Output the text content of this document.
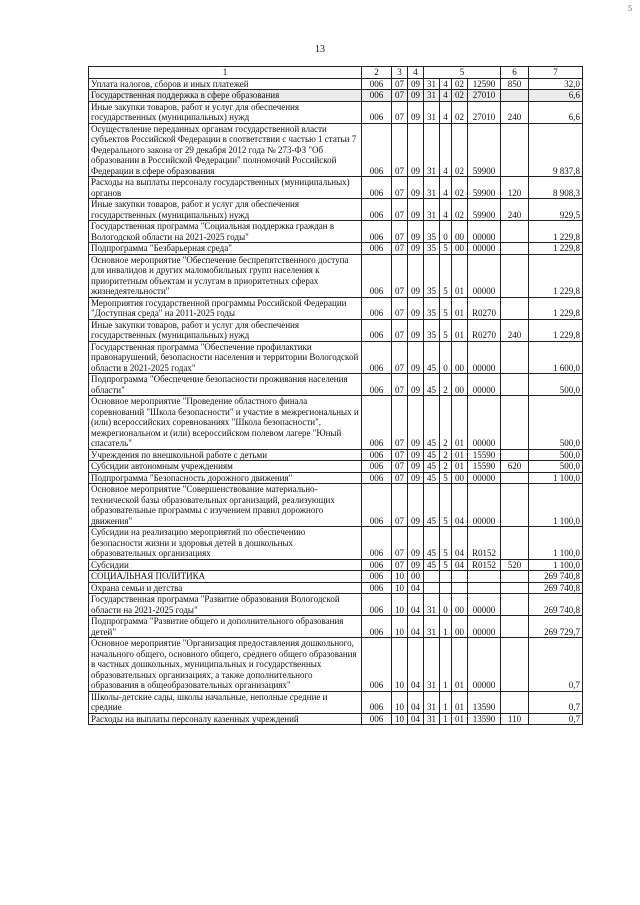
5
13
1	2	3	4	5				6	7
Уплата налогов, сборов и иных платежей	006	07	09	31	4	02	12590	850	32,0
Государственная поддержка в сфере образования	006	07	09	31	4	02	27010		6,6
Иные закупки товаров, работ и услуг для обеспечения государственных (муниципальных) нужд	006	07	09	31	4	02	27010	240	6,6
Осуществление переданных органам государственной власти субъектов Российской Федерации в соответствии с частью 1 статьи 7 Федерального закона от 29 декабря 2012 года № 273-ФЗ "Об образовании в Российской Федерации" полномочий Российской Федерации в сфере образования	006	07	09	31	4	02	59900		9 837,8
Расходы на выплаты персоналу государственных (муниципальных) органов	006	07	09	31	4	02	59900	120	8 908,3
Иные закупки товаров, работ и услуг для обеспечения государственных (муниципальных) нужд	006	07	09	31	4	02	59900	240	929,5
Государственная программа "Социальная поддержка граждан в Вологодской области на 2021-2025 годы"	006	07	09	35	0	00	00000		1 229,8
Подпрограмма "Безбарьерная среда"	006	07	09	35	5	00	00000		1 229,8
Основное мероприятие "Обеспечение беспрепятственного доступа для инвалидов и других маломобильных групп населения к приоритетным объектам и услугам в приоритетных сферах жизнедеятельности"	006	07	09	35	5	01	00000		1 229,8
Мероприятия государственной программы Российской Федерации "Доступная среда" на 2011-2025 годы	006	07	09	35	5	01	R0270		1 229,8
Иные закупки товаров, работ и услуг для обеспечения государственных (муниципальных) нужд	006	07	09	35	5	01	R0270	240	1 229,8
Государственная программа "Обеспечение профилактики правонарушений, безопасности населения и территории Вологодской области в 2021-2025 годах"	006	07	09	45	0	00	00000		1 600,0
Подпрограмма "Обеспечение безопасности проживания населения области"	006	07	09	45	2	00	00000		500,0
Основное мероприятие "Проведение областного финала соревнований "Школа безопасности" и участие в межрегиональных и (или) всероссийских соревнованиях "Школа безопасности", межрегиональном и (или) всероссийском полевом лагере "Юный спасатель"	006	07	09	45	2	01	00000		500,0
Учреждения по внешкольной работе с детьми	006	07	09	45	2	01	15590		500,0
Субсидии автономным учреждениям	006	07	09	45	2	01	15590	620	500,0
Подпрограмма "Безопасность дорожного движения"	006	07	09	45	5	00	00000		1 100,0
Основное мероприятие "Совершенствование материально-технической базы образовательных организаций, реализующих образовательные программы с изучением правил дорожного движения"	006	07	09	45	5	04	00000		1 100,0
Субсидии на реализацию мероприятий по обеспечению безопасности жизни и здоровья детей в дошкольных образовательных организациях	006	07	09	45	5	04	R0152		1 100,0
Субсидии	006	07	09	45	5	04	R0152	520	1 100,0
СОЦИАЛЬНАЯ ПОЛИТИКА	006	10	00						269 740,8
Охрана семьи и детства	006	10	04						269 740,8
Государственная программа "Развитие образования Вологодской области на 2021-2025 годы"	006	10	04	31	0	00	00000		269 740,8
Подпрограмма "Развитие общего и дополнительного образования детей"	006	10	04	31	1	00	00000		269 729,7
Основное мероприятие "Организация предоставления дошкольного, начального общего, основного общего, среднего общего образования в частных дошкольных, муниципальных и государственных образовательных организациях, а также дополнительного образования в общеобразовательных организациях"	006	10	04	31	1	01	00000		0,7
Школы-детские сады, школы начальные, неполные средние и средние	006	10	04	31	1	01	13590		0,7
Расходы на выплаты персоналу казенных учреждений	006	10	04	31	1	01	13590	110	0,7
